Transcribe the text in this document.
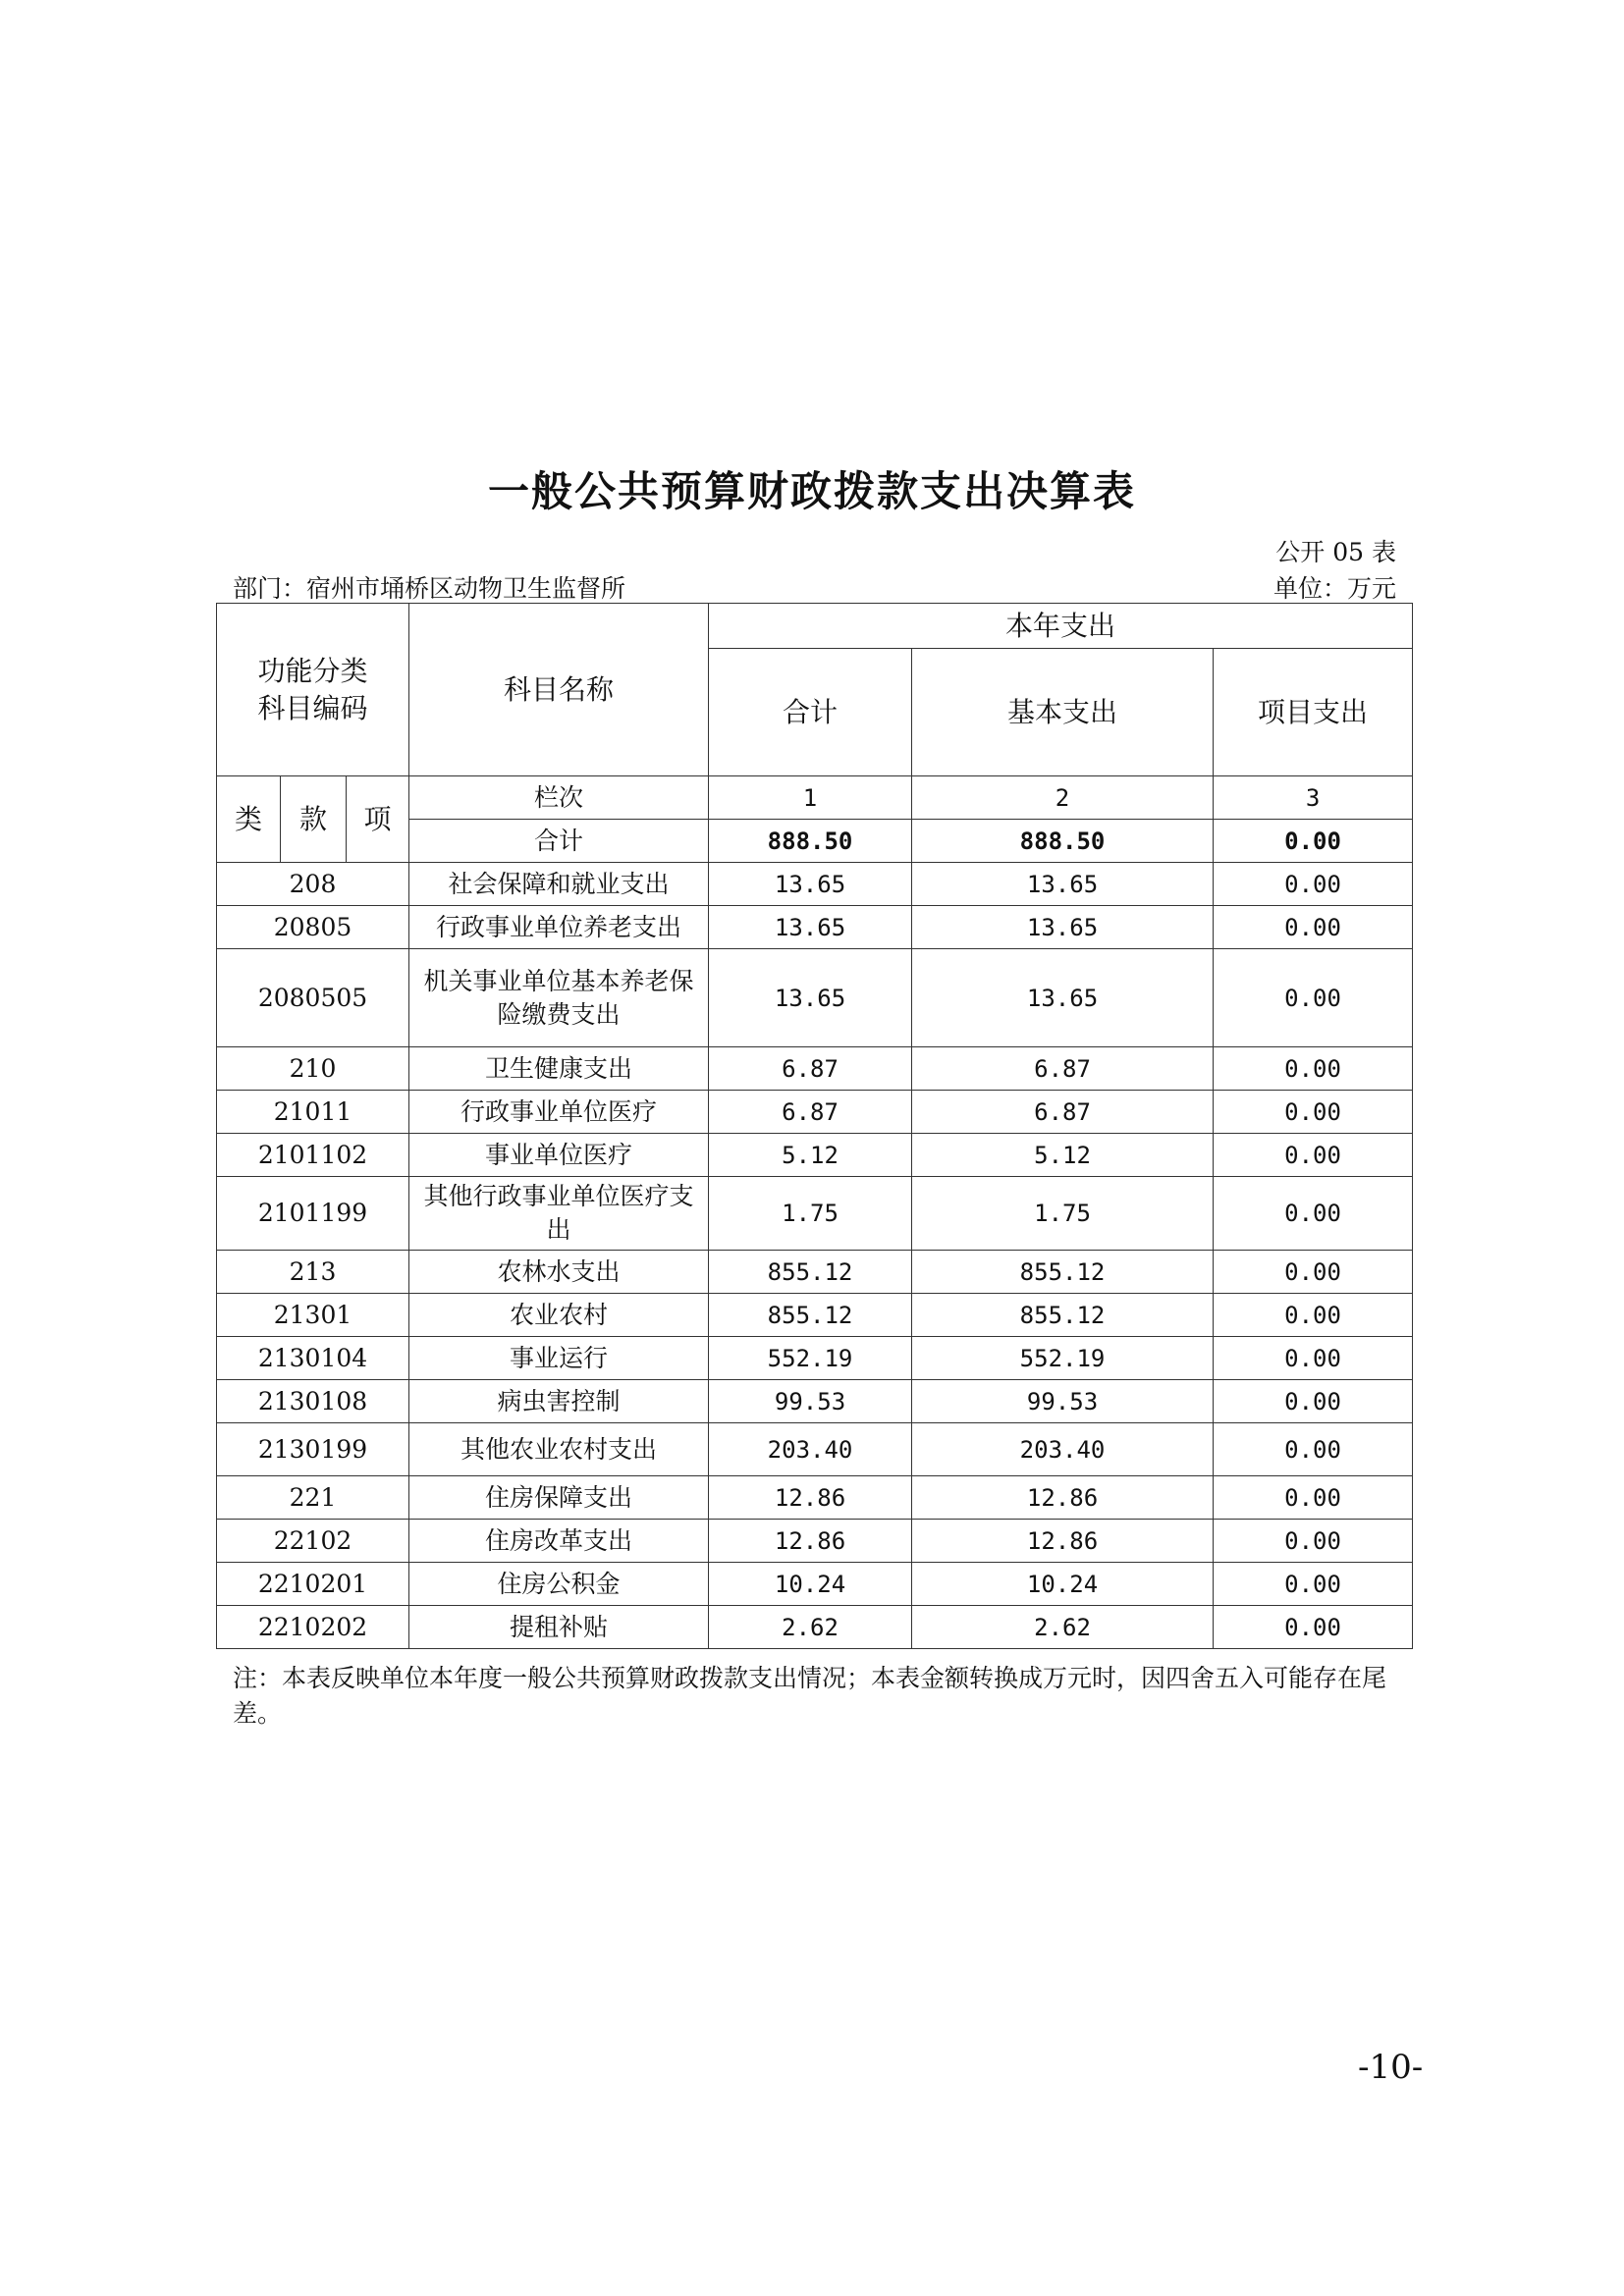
一般公共预算财政拨款支出决算表
公开 05 表
部门：宿州市埇桥区动物卫生监督所	单位：万元
功能分类
科目编码			科目名称	本年支出		
				合计	基本支出	项目支出
类	款	项	栏次	1	2	3
			合计	888.50	888.50	0.00
208			社会保障和就业支出	13.65	13.65	0.00
20805			行政事业单位养老支出	13.65	13.65	0.00
2080505			机关事业单位基本养老保险缴费支出	13.65	13.65	0.00
210			卫生健康支出	6.87	6.87	0.00
21011			行政事业单位医疗	6.87	6.87	0.00
2101102			事业单位医疗	5.12	5.12	0.00
2101199			其他行政事业单位医疗支出	1.75	1.75	0.00
213			农林水支出	855.12	855.12	0.00
21301			农业农村	855.12	855.12	0.00
2130104			事业运行	552.19	552.19	0.00
2130108			病虫害控制	99.53	99.53	0.00
2130199			其他农业农村支出	203.40	203.40	0.00
221			住房保障支出	12.86	12.86	0.00
22102			住房改革支出	12.86	12.86	0.00
2210201			住房公积金	10.24	10.24	0.00
2210202			提租补贴	2.62	2.62	0.00
注：本表反映单位本年度一般公共预算财政拨款支出情况；本表金额转换成万元时，因四舍五入可能存在尾差。
-10-
